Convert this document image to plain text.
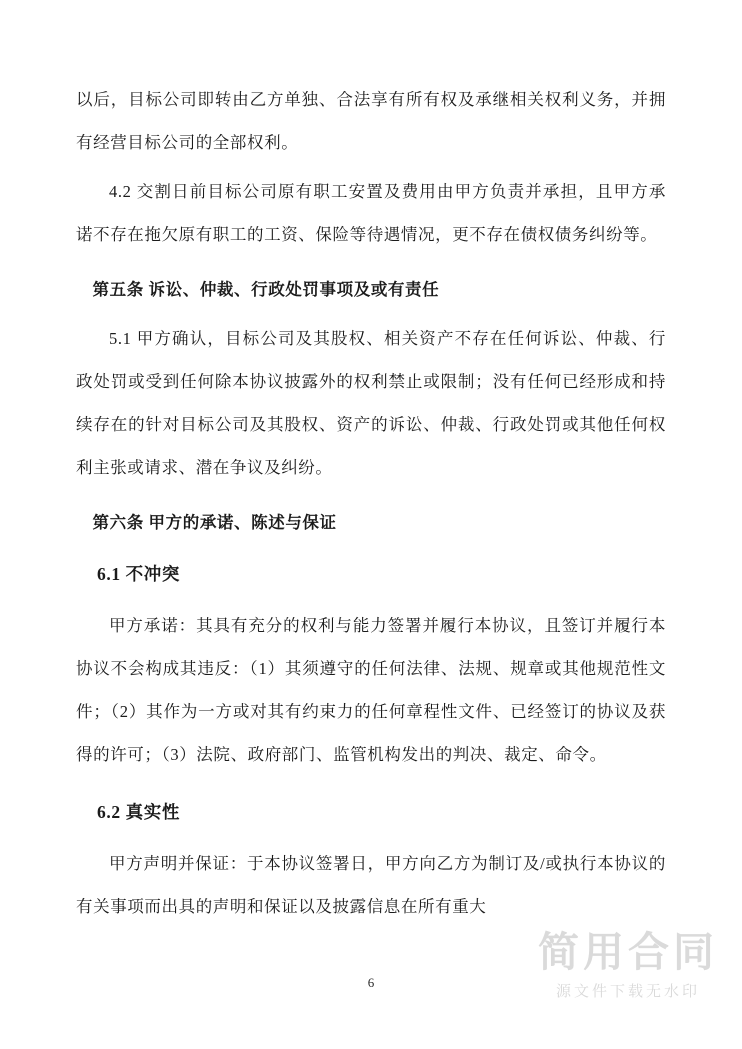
以后，目标公司即转由乙方单独、合法享有所有权及承继相关权利义务，并拥有经营目标公司的全部权利。

4.2 交割日前目标公司原有职工安置及费用由甲方负责并承担，且甲方承诺不存在拖欠原有职工的工资、保险等待遇情况，更不存在债权债务纠纷等。

第五条 诉讼、仲裁、行政处罚事项及或有责任

5.1 甲方确认，目标公司及其股权、相关资产不存在任何诉讼、仲裁、行政处罚或受到任何除本协议披露外的权利禁止或限制；没有任何已经形成和持续存在的针对目标公司及其股权、资产的诉讼、仲裁、行政处罚或其他任何权利主张或请求、潜在争议及纠纷。

第六条 甲方的承诺、陈述与保证

6.1 不冲突

甲方承诺：其具有充分的权利与能力签署并履行本协议，且签订并履行本协议不会构成其违反：（1）其须遵守的任何法律、法规、规章或其他规范性文件；（2）其作为一方或对其有约束力的任何章程性文件、已经签订的协议及获得的许可；（3）法院、政府部门、监管机构发出的判决、裁定、命令。

6.2 真实性

甲方声明并保证：于本协议签署日，甲方向乙方为制订及/或执行本协议的有关事项而出具的声明和保证以及披露信息在所有重大

简用合同
源文件下载无水印
6
